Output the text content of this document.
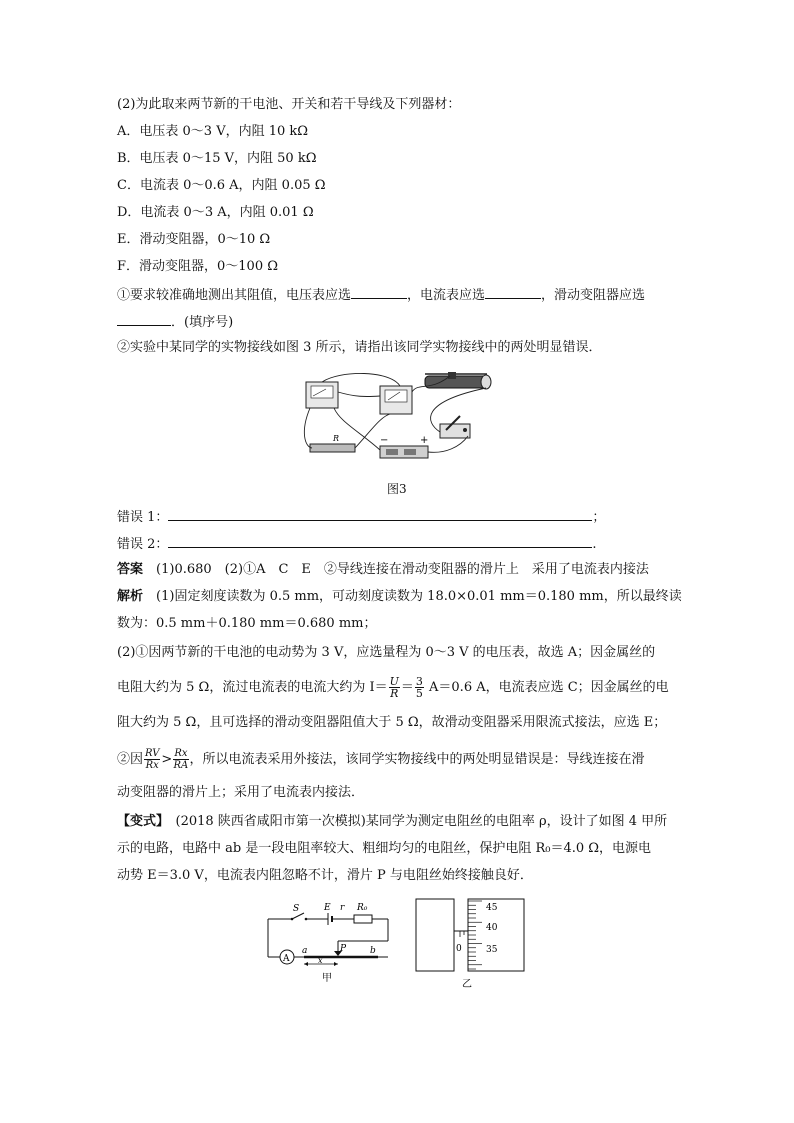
(2)为此取来两节新的干电池、开关和若干导线及下列器材：
A．电压表 0～3 V，内阻 10 kΩ
B．电压表 0～15 V，内阻 50 kΩ
C．电流表 0～0.6 A，内阻 0.05 Ω
D．电流表 0～3 A，内阻 0.01 Ω
E．滑动变阻器，0～10 Ω
F．滑动变阻器，0～100 Ω
①要求较准确地测出其阻值，电压表应选	，电流表应选	，滑动变阻器应选
．(填序号)
②实验中某同学的实物接线如图 3 所示，请指出该同学实物接线中的两处明显错误．
R	−	+
图3
错误 1：	；
错误 2：	.
答案　 (1)0.680　(2)①A　C　E　②导线连接在滑动变阻器的滑片上　采用了电流表内接法
解析　 (1)固定刻度读数为 0.5 mm，可动刻度读数为 18.0×0.01 mm＝0.180 mm，所以最终读
数为：0.5 mm＋0.180 mm＝0.680 mm；
(2)①因两节新的干电池的电动势为 3 V，应选量程为 0～3 V 的电压表，故选 A；因金属丝的
电阻大约为 5 Ω，流过电流表的电流大约为 $I= \frac{U}{R} = \frac{3}{5} A=0.6$ A，电流表应选 C；因金属丝的电
阻大约为 5 Ω，且可选择的滑动变阻器阻值大于 5 Ω，故滑动变阻器采用限流式接法，应选 E；
②因 $\frac{RV}{Rx} > \frac{Rx}{RA}$ ，所以电流表采用外接法，该同学实物接线中的两处明显错误是：导线连接在滑
动变阻器的滑片上；采用了电流表内接法．
【变式】　(2018 陕西省咸阳市第一次模拟)某同学为测定电阻丝的电阻率 ρ，设计了如图 4 甲所
示的电路，电路中 ab 是一段电阻率较大、粗细均匀的电阻丝，保护电阻 R₀＝4.0 Ω，电源电
动势 E＝3.0 V，电流表内阻忽略不计，滑片 P 与电阻丝始终接触良好．
A
S	E r R₀
a	P	b
x
甲
0
45
40
35
乙
